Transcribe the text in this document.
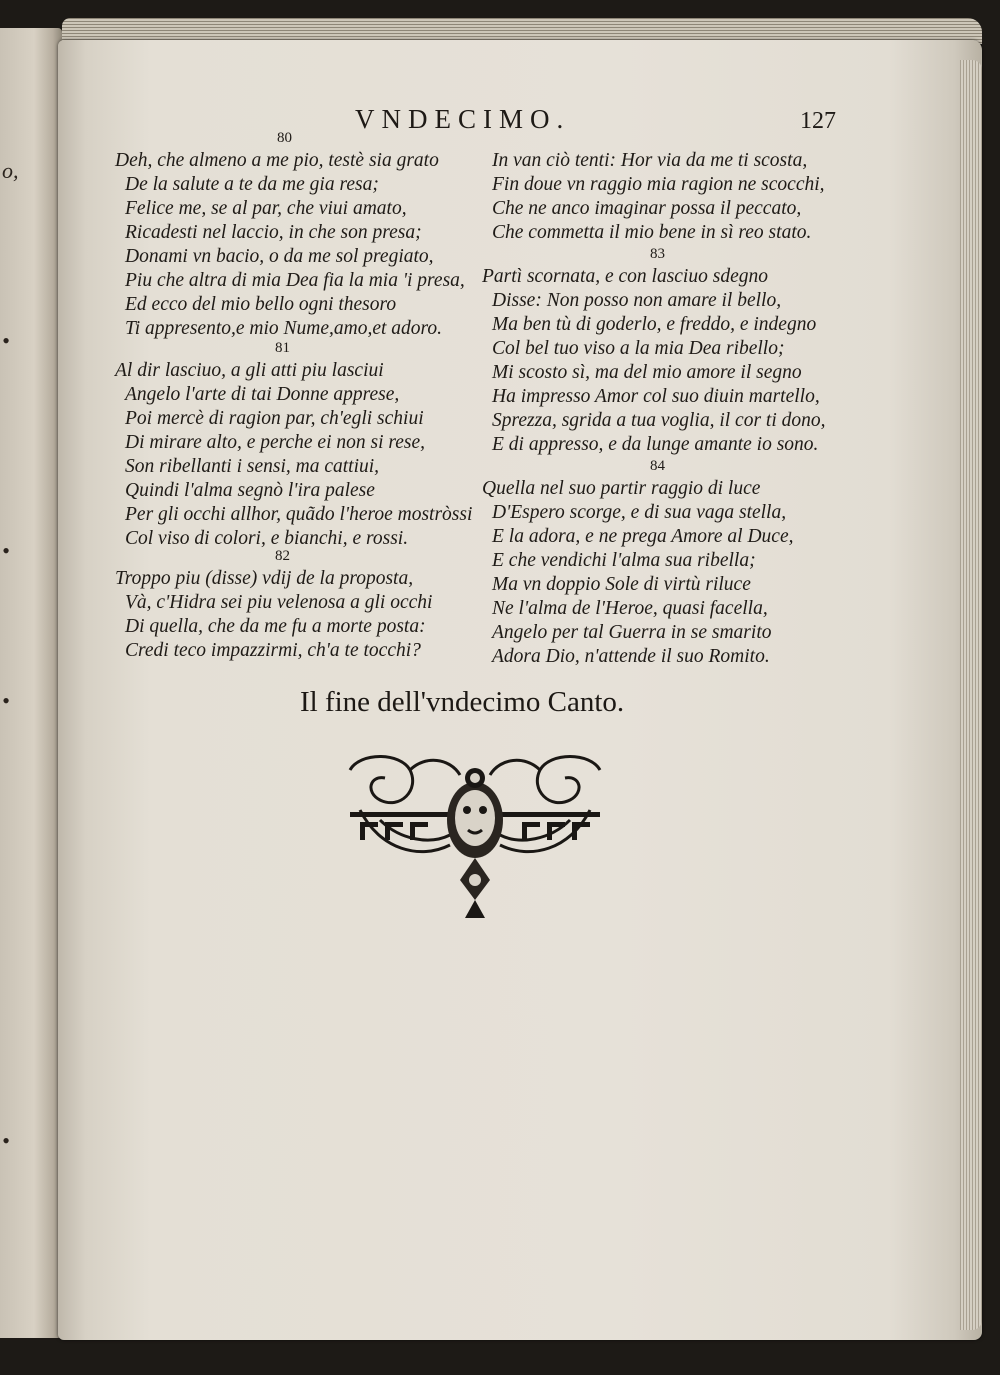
o,
•
•
•
•
VNDECIMO.	127
80
Deh, che almeno a me pio, testè sia grato
De la salute a te da me gia resa;
Felice me, se al par, che viui amato,
Ricadesti nel laccio, in che son presa;
Donami vn bacio, o da me sol pregiato,
Piu che altra di mia Dea fia la mia 'i presa,
Ed ecco del mio bello ogni thesoro
Ti appresento,e mio Nume,amo,et adoro.
81
Al dir lasciuo, a gli atti piu lasciui
Angelo l'arte di tai Donne apprese,
Poi mercè di ragion par, ch'egli schiui
Di mirare alto, e perche ei non si rese,
Son ribellanti i sensi, ma cattiui,
Quindi l'alma segnò l'ira palese
Per gli occhi allhor, quãdo l'heroe mostròssi
Col viso di colori, e bianchi, e rossi.
82
Troppo piu (disse) vdij de la proposta,
Và, c'Hidra sei piu velenosa a gli occhi
Di quella, che da me fu a morte posta:
Credi teco impazzirmi, ch'a te tocchi?
In van ciò tenti: Hor via da me ti scosta,
Fin doue vn raggio mia ragion ne scocchi,
Che ne anco imaginar possa il peccato,
Che commetta il mio bene in sì reo stato.
83
Partì scornata, e con lasciuo sdegno
Disse: Non posso non amare il bello,
Ma ben tù di goderlo, e freddo, e indegno
Col bel tuo viso a la mia Dea ribello;
Mi scosto sì, ma del mio amore il segno
Ha impresso Amor col suo diuin martello,
Sprezza, sgrida a tua voglia, il cor ti dono,
E di appresso, e da lunge amante io sono.
84
Quella nel suo partir raggio di luce
D'Espero scorge, e di sua vaga stella,
E la adora, e ne prega Amore al Duce,
E che vendichi l'alma sua ribella;
Ma vn doppio Sole di virtù riluce
Ne l'alma de l'Heroe, quasi facella,
Angelo per tal Guerra in se smarito
Adora Dio, n'attende il suo Romito.
Il fine dell'vndecimo Canto.
